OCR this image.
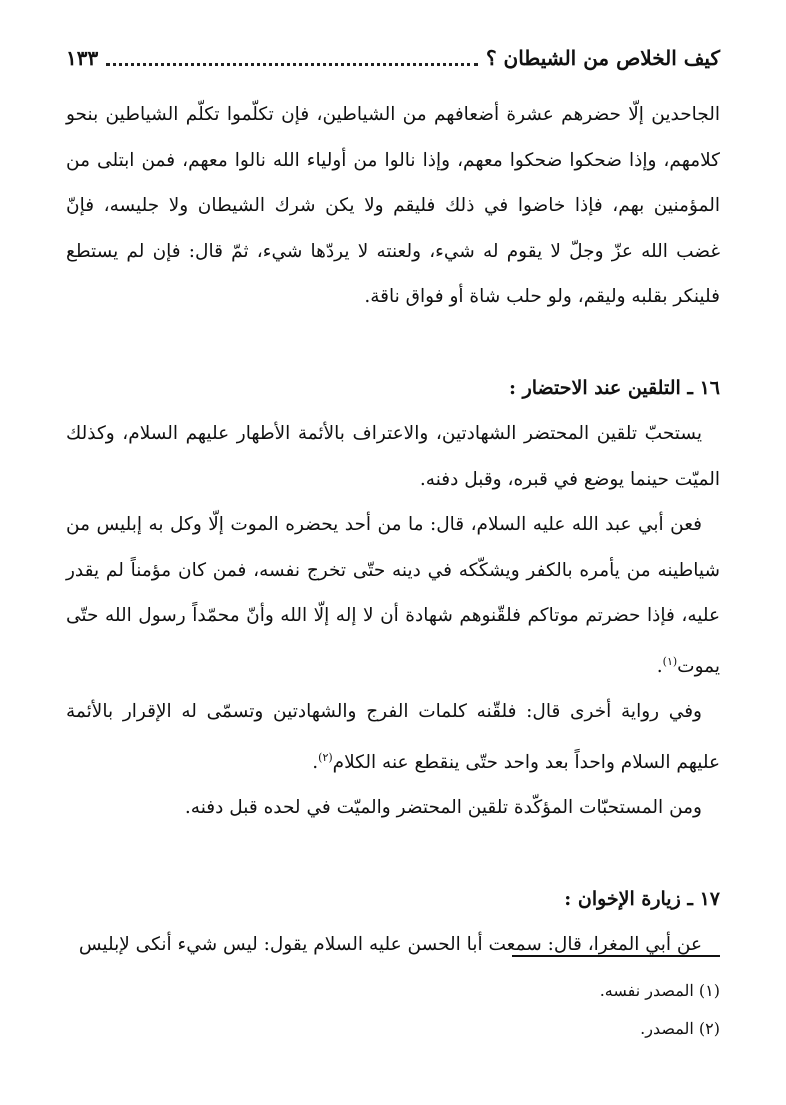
كيف الخلاص من الشيطان ؟
١٣٣

الجاحدين إلّا حضرهم عشرة أضعافهم من الشياطين، فإن تكلّموا تكلّم الشياطين بنحو كلامهم، وإذا ضحكوا ضحكوا معهم، وإذا نالوا من أولياء الله نالوا معهم، فمن ابتلى من المؤمنين بهم، فإذا خاضوا في ذلك فليقم ولا يكن شرك الشيطان ولا جليسه، فإنّ غضب الله عزّ وجلّ لا يقوم له شيء، ولعنته لا يردّها شيء، ثمّ قال: فإن لم يستطع فلينكر بقلبه وليقم، ولو حلب شاة أو فواق ناقة.

١٦ ـ التلقين عند الاحتضار :

يستحبّ تلقين المحتضر الشهادتين، والاعتراف بالأئمة الأطهار عليهم السلام، وكذلك الميّت حينما يوضع في قبره، وقبل دفنه.

فعن أبي عبد الله عليه السلام، قال: ما من أحد يحضره الموت إلّا وكل به إبليس من شياطينه من يأمره بالكفر ويشكّكه في دينه حتّى تخرج نفسه، فمن كان مؤمناً لم يقدر عليه، فإذا حضرتم موتاكم فلقّنوهم شهادة أن لا إله إلّا الله وأنّ محمّداً رسول الله حتّى يموت$^{(١)}$.

وفي رواية أخرى قال: فلقّنه كلمات الفرج والشهادتين وتسمّى له الإقرار بالأئمة عليهم السلام واحداً بعد واحد حتّى ينقطع عنه الكلام$^{(٢)}$.

ومن المستحبّات المؤكّدة تلقين المحتضر والميّت في لحده قبل دفنه.

١٧ ـ زيارة الإخوان :

عن أبي المغرا، قال: سمعت أبا الحسن عليه السلام يقول: ليس شيء أنكى لإبليس

(١) المصدر نفسه.

(٢) المصدر.
